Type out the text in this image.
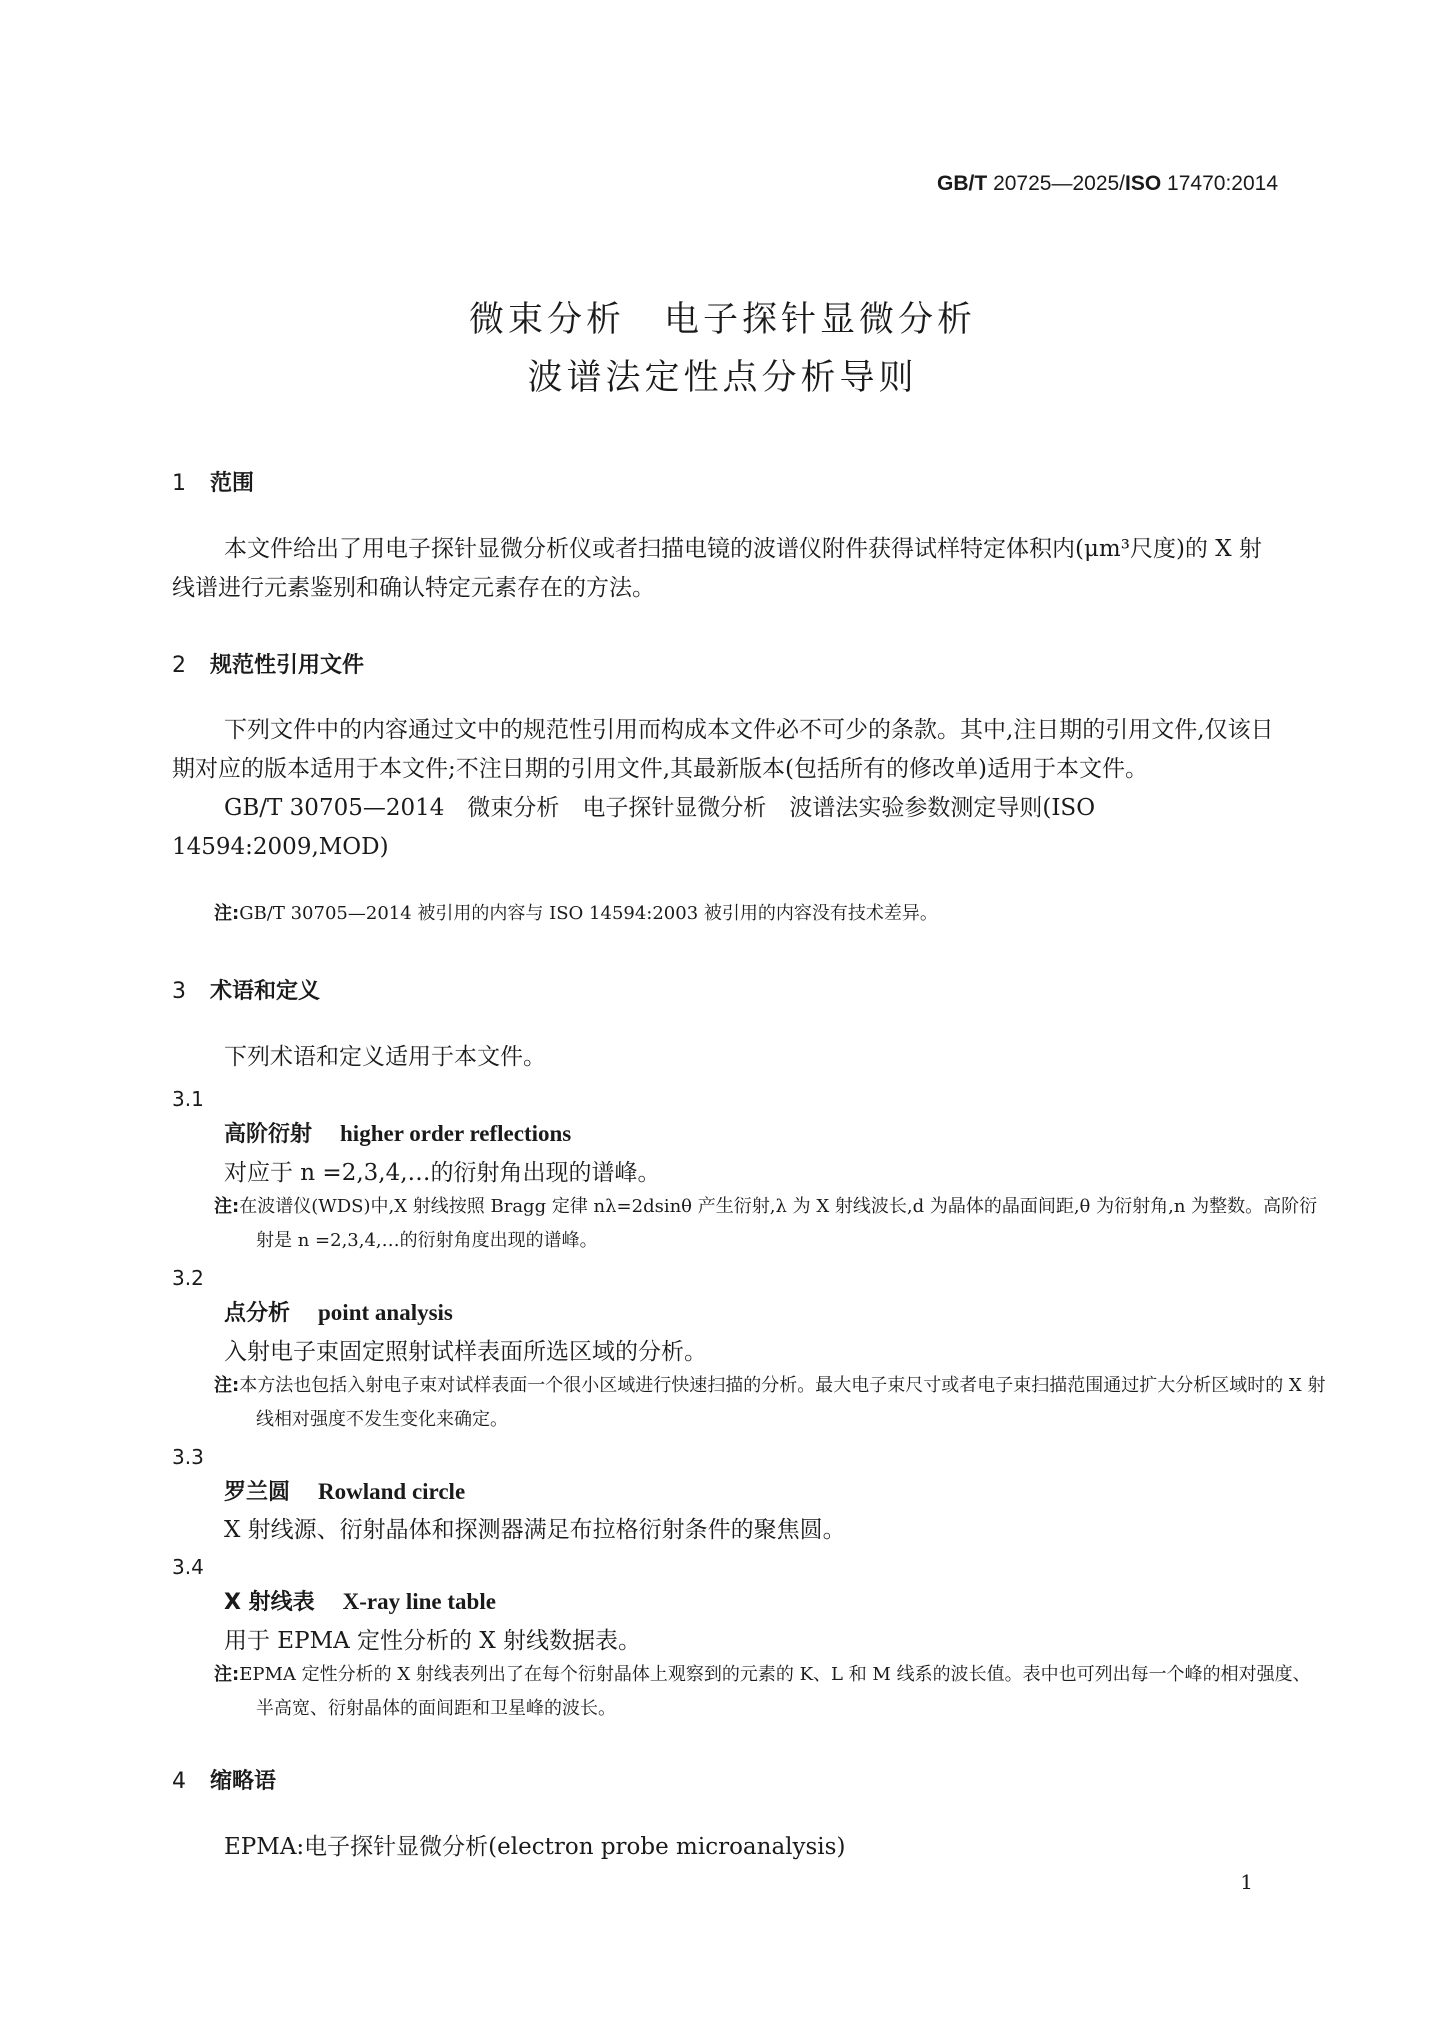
GB/T 20725—2025/ISO 17470:2014
微束分析　电子探针显微分析
波谱法定性点分析导则
1 范围

本文件给出了用电子探针显微分析仪或者扫描电镜的波谱仪附件获得试样特定体积内(μm³尺度)的 X 射线谱进行元素鉴别和确认特定元素存在的方法。

2 规范性引用文件

下列文件中的内容通过文中的规范性引用而构成本文件必不可少的条款。其中,注日期的引用文件,仅该日期对应的版本适用于本文件;不注日期的引用文件,其最新版本(包括所有的修改单)适用于本文件。

GB/T 30705—2014　微束分析　电子探针显微分析　波谱法实验参数测定导则(ISO 14594:2009,MOD)

注:GB/T 30705—2014 被引用的内容与 ISO 14594:2003 被引用的内容没有技术差异。
3 术语和定义

下列术语和定义适用于本文件。

3.1
高阶衍射 higher order reflections
对应于 n =2,3,4,…的衍射角出现的谱峰。
注:在波谱仪(WDS)中,X 射线按照 Bragg 定律 nλ=2dsinθ 产生衍射,λ 为 X 射线波长,d 为晶体的晶面间距,θ 为衍射角,n 为整数。高阶衍射是 n =2,3,4,…的衍射角度出现的谱峰。
3.2
点分析 point analysis
入射电子束固定照射试样表面所选区域的分析。
注:本方法也包括入射电子束对试样表面一个很小区域进行快速扫描的分析。最大电子束尺寸或者电子束扫描范围通过扩大分析区域时的 X 射线相对强度不发生变化来确定。
3.3
罗兰圆 Rowland circle
X 射线源、衍射晶体和探测器满足布拉格衍射条件的聚焦圆。
3.4
X 射线表 X-ray line table
用于 EPMA 定性分析的 X 射线数据表。
注:EPMA 定性分析的 X 射线表列出了在每个衍射晶体上观察到的元素的 K、L 和 M 线系的波长值。表中也可列出每一个峰的相对强度、半高宽、衍射晶体的面间距和卫星峰的波长。
4 缩略语

EPMA:电子探针显微分析(electron probe microanalysis)

1
